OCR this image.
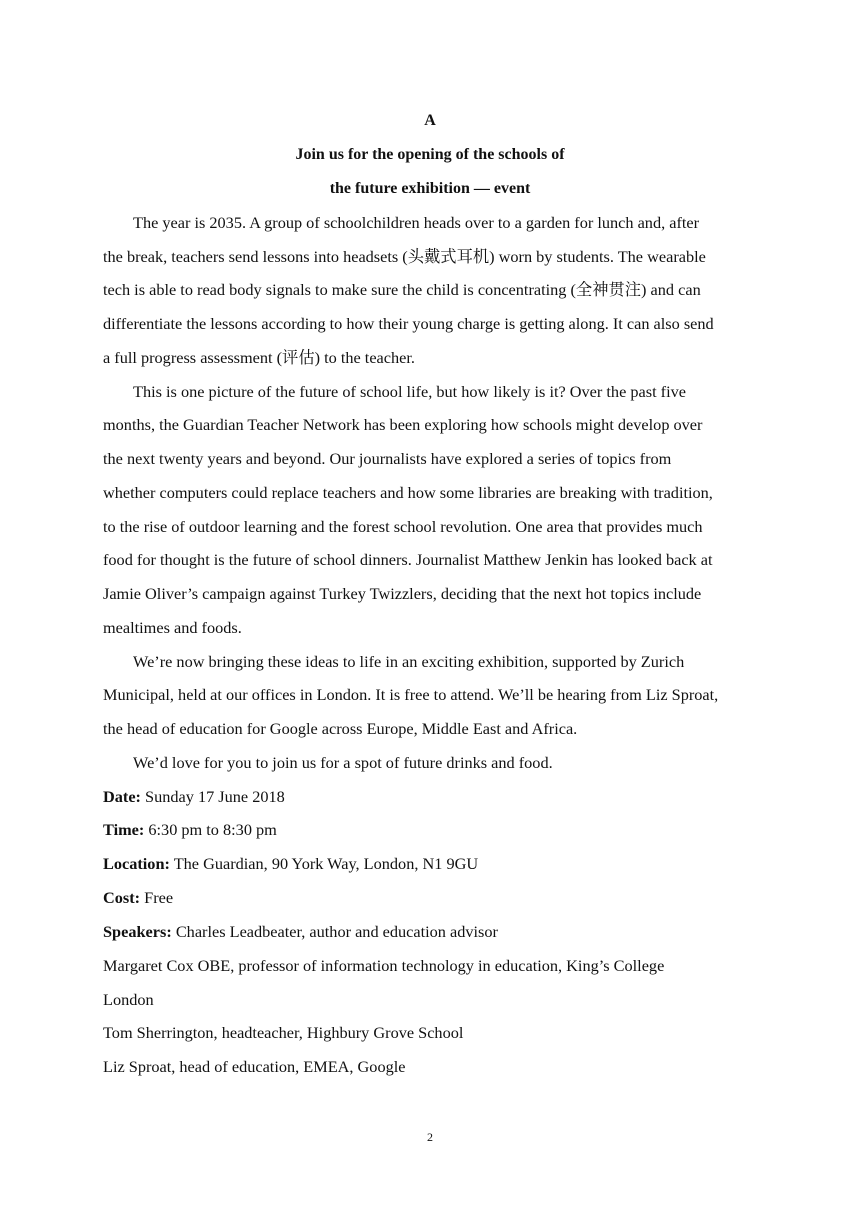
A
Join us for the opening of the schools of
the future exhibition — event
The year is 2035. A group of schoolchildren heads over to a garden for lunch and, after
the break, teachers send lessons into headsets (头戴式耳机) worn by students. The wearable
tech is able to read body signals to make sure the child is concentrating (全神贯注) and can
differentiate the lessons according to how their young charge is getting along. It can also send
a full progress assessment (评估) to the teacher.
This is one picture of the future of school life, but how likely is it? Over the past five
months, the Guardian Teacher Network has been exploring how schools might develop over
the next twenty years and beyond. Our journalists have explored a series of topics from
whether computers could replace teachers and how some libraries are breaking with tradition,
to the rise of outdoor learning and the forest school revolution. One area that provides much
food for thought is the future of school dinners. Journalist Matthew Jenkin has looked back at
Jamie Oliver’s campaign against Turkey Twizzlers, deciding that the next hot topics include
mealtimes and foods.
We’re now bringing these ideas to life in an exciting exhibition, supported by Zurich
Municipal, held at our offices in London. It is free to attend. We’ll be hearing from Liz Sproat,
the head of education for Google across Europe, Middle East and Africa.
We’d love for you to join us for a spot of future drinks and food.
Date: Sunday 17 June 2018
Time: 6:30 pm to 8:30 pm
Location: The Guardian, 90 York Way, London, N1 9GU
Cost: Free
Speakers: Charles Leadbeater, author and education advisor
Margaret Cox OBE, professor of information technology in education, King’s College
London
Tom Sherrington, headteacher, Highbury Grove School
Liz Sproat, head of education, EMEA, Google
2
